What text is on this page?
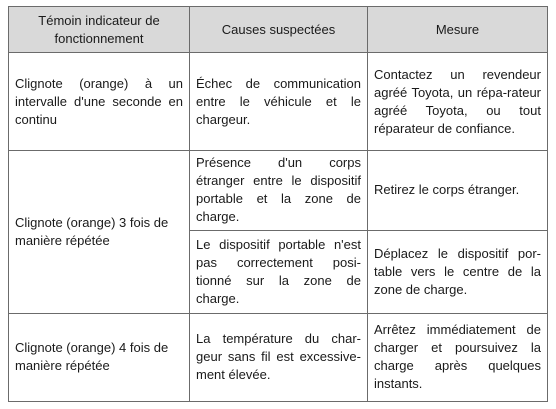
Témoin indicateur de fonctionnement	Causes suspectées	Mesure
Clignote (orange) à un intervalle d'une seconde en continu	Échec de communication entre le véhicule et le chargeur.	Contactez un revendeur agréé Toyota, un répa-rateur agréé Toyota, ou tout réparateur de confiance.
Clignote (orange) 3 fois de manière répétée	Présence d'un corps étranger entre le dispositif portable et la zone de charge.	Retirez le corps étranger.
	Le dispositif portable n'est pas correctement posi-tionné sur la zone de charge.	Déplacez le dispositif por-table vers le centre de la zone de charge.
Clignote (orange) 4 fois de manière répétée	La température du char-geur sans fil est excessive-ment élevée.	Arrêtez immédiatement de charger et poursuivez la charge après quelques instants.
